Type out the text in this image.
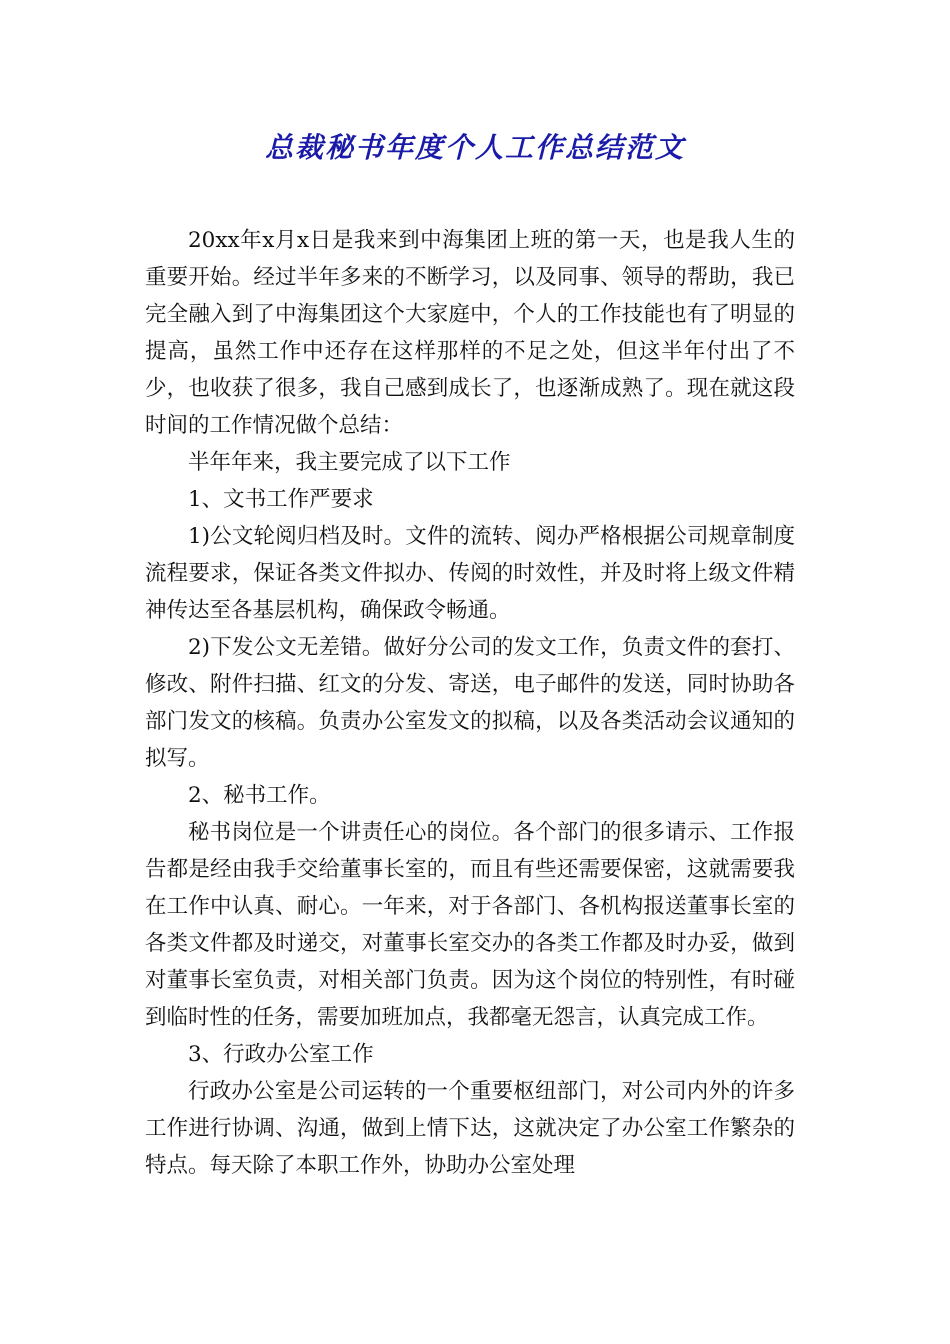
总裁秘书年度个人工作总结范文

20xx年x月x日是我来到中海集团上班的第一天，也是我人生的重要开始。经过半年多来的不断学习，以及同事、领导的帮助，我已完全融入到了中海集团这个大家庭中，个人的工作技能也有了明显的提高，虽然工作中还存在这样那样的不足之处，但这半年付出了不少，也收获了很多，我自己感到成长了，也逐渐成熟了。现在就这段时间的工作情况做个总结：

半年年来，我主要完成了以下工作

1、文书工作严要求

1)公文轮阅归档及时。文件的流转、阅办严格根据公司规章制度流程要求，保证各类文件拟办、传阅的时效性，并及时将上级文件精神传达至各基层机构，确保政令畅通。

2)下发公文无差错。做好分公司的发文工作，负责文件的套打、修改、附件扫描、红文的分发、寄送，电子邮件的发送，同时协助各部门发文的核稿。负责办公室发文的拟稿，以及各类活动会议通知的拟写。

2、秘书工作。

秘书岗位是一个讲责任心的岗位。各个部门的很多请示、工作报告都是经由我手交给董事长室的，而且有些还需要保密，这就需要我在工作中认真、耐心。一年来，对于各部门、各机构报送董事长室的各类文件都及时递交，对董事长室交办的各类工作都及时办妥，做到对董事长室负责，对相关部门负责。因为这个岗位的特别性，有时碰到临时性的任务，需要加班加点，我都毫无怨言，认真完成工作。

3、行政办公室工作

行政办公室是公司运转的一个重要枢纽部门，对公司内外的许多工作进行协调、沟通，做到上情下达，这就决定了办公室工作繁杂的特点。每天除了本职工作外，协助办公室处理
